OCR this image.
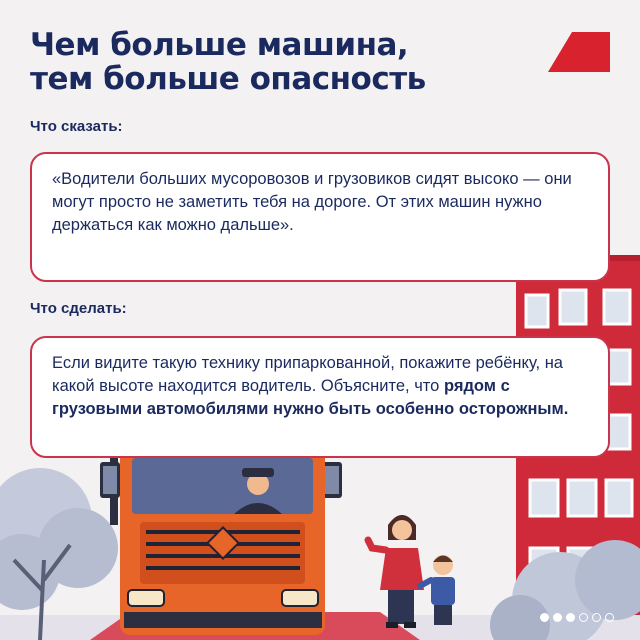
Чем больше машина,
тем больше опасность

Что сказать:

«Водители больших мусоровозов и грузовиков сидят высоко — они могут просто не заметить тебя на дороге. От этих машин нужно держаться как можно дальше».

Что сделать:

Если видите такую технику припаркованной, покажите ребёнку, на какой высоте находится водитель. Объясните, что рядом с грузовыми автомобилями нужно быть особенно осторожным.
